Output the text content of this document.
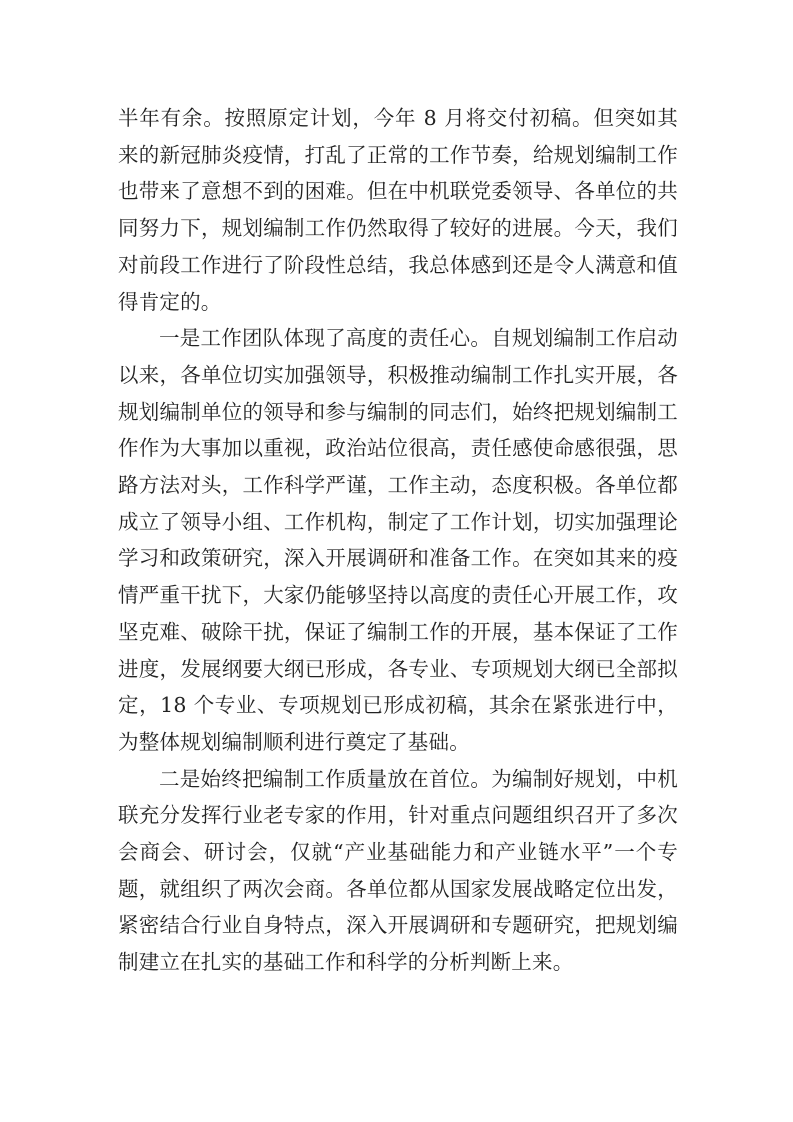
半年有余。按照原定计划，今年 8 月将交付初稿。但突如其来的新冠肺炎疫情，打乱了正常的工作节奏，给规划编制工作也带来了意想不到的困难。但在中机联党委领导、各单位的共同努力下，规划编制工作仍然取得了较好的进展。今天，我们对前段工作进行了阶段性总结，我总体感到还是令人满意和值得肯定的。

一是工作团队体现了高度的责任心。自规划编制工作启动以来，各单位切实加强领导，积极推动编制工作扎实开展，各规划编制单位的领导和参与编制的同志们，始终把规划编制工作作为大事加以重视，政治站位很高，责任感使命感很强，思路方法对头，工作科学严谨，工作主动，态度积极。各单位都成立了领导小组、工作机构，制定了工作计划，切实加强理论学习和政策研究，深入开展调研和准备工作。在突如其来的疫情严重干扰下，大家仍能够坚持以高度的责任心开展工作，攻坚克难、破除干扰，保证了编制工作的开展，基本保证了工作进度，发展纲要大纲已形成，各专业、专项规划大纲已全部拟定，18 个专业、专项规划已形成初稿，其余在紧张进行中，为整体规划编制顺利进行奠定了基础。

二是始终把编制工作质量放在首位。为编制好规划，中机联充分发挥行业老专家的作用，针对重点问题组织召开了多次会商会、研讨会，仅就“产业基础能力和产业链水平”一个专题，就组织了两次会商。各单位都从国家发展战略定位出发，紧密结合行业自身特点，深入开展调研和专题研究，把规划编制建立在扎实的基础工作和科学的分析判断上来。
